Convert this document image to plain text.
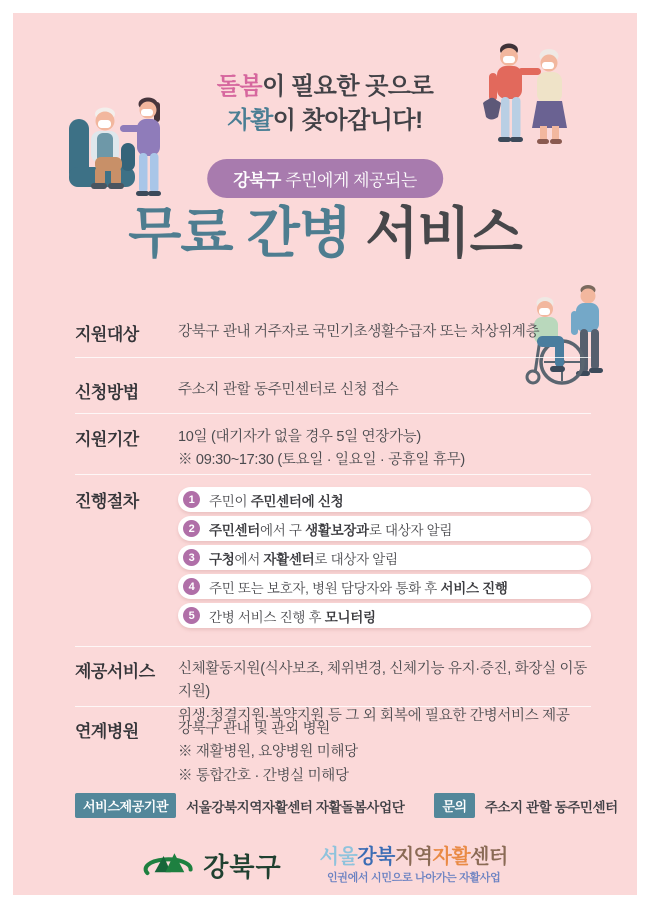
돌봄이 필요한 곳으로
자활이 찾아갑니다!
강북구 주민에게 제공되는
무료 간병 서비스
지원대상	강북구 관내 거주자로 국민기초생활수급자 또는 차상위계층
신청방법	주소지 관할 동주민센터로 신청 접수
지원기간	10일 (대기자가 없을 경우 5일 연장가능)
※ 09:30~17:30 (토요일 · 일요일 · 공휴일 휴무)
진행절차	1	주민이 주민센터에 신청
2	주민센터에서 구 생활보장과로 대상자 알림
3	구청에서 자활센터로 대상자 알림
4	주민 또는 보호자, 병원 담당자와 통화 후 서비스 진행
5	간병 서비스 진행 후 모니터링
제공서비스	신체활동지원(식사보조, 체위변경, 신체기능 유지·증진, 화장실 이동지원)
위생·청결지원·복약지원 등 그 외 회복에 필요한 간병서비스 제공
연계병원	강북구 관내 및 관외 병원
※ 재활병원, 요양병원 미해당
※ 통합간호 · 간병실 미해당
서비스제공기관	서울강북지역자활센터 자활돌봄사업단	문의	주소지 관할 동주민센터
강북구 서울강북지역자활센터
인권에서 시민으로 나아가는 자활사업
